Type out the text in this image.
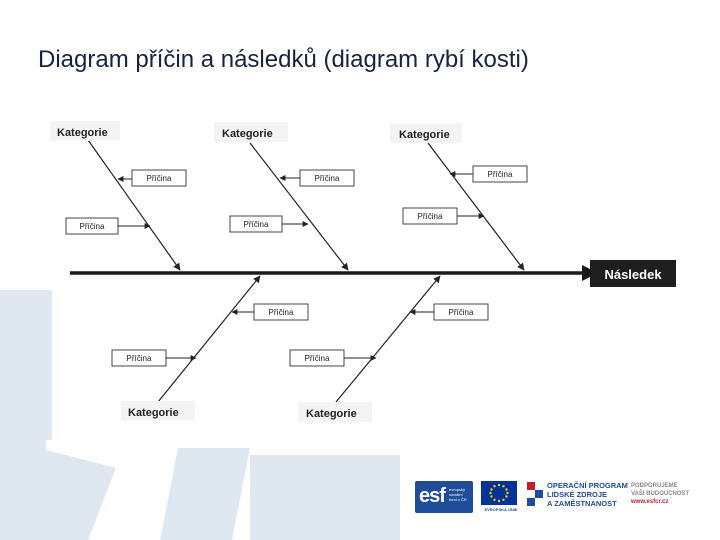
Diagram příčin a následků (diagram rybí kosti)
Následek
Kategorie	Kategorie	Kategorie
Kategorie	Kategorie
Příčina
Příčina
Příčina
Příčina
Příčina
Příčina
Příčina
Příčina
Příčina
Příčina
esf evropský
sociální
fond v ČR
EVROPSKÁ UNIE
OPERAČNÍ PROGRAM
LIDSKÉ ZDROJE
A ZAMĚSTNANOST
PODPORUJEME
VAŠI BUDOUCNOST
www.esfcr.cz
